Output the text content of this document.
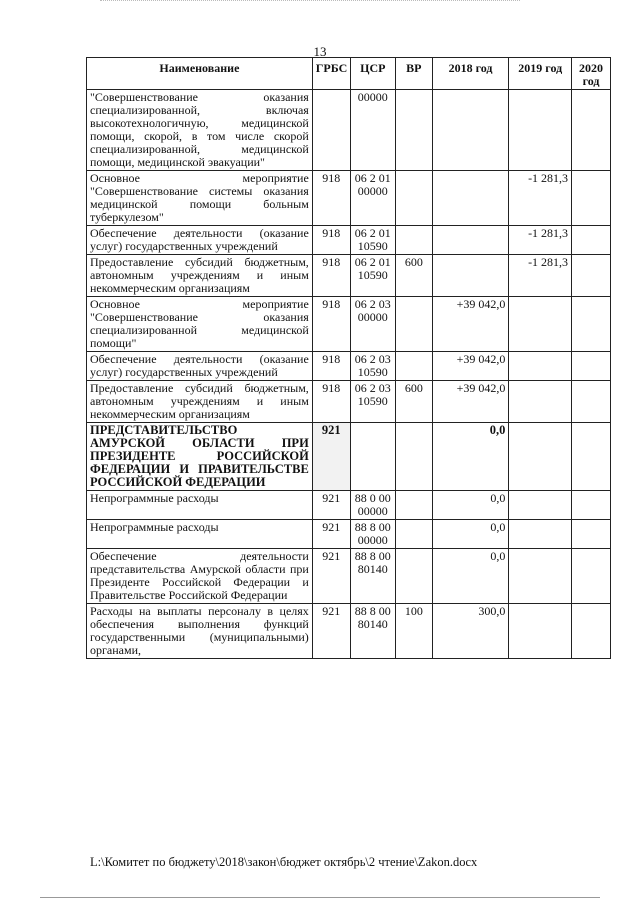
13
Наименование	ГРБС	ЦСР	ВР	2018 год	2019 год	2020 год
"Совершенствование оказания специализированной, включая высокотехнологичную, медицинской помощи, скорой, в том числе скорой специализированной, медицинской помощи, медицинской эвакуации"		00000				
Основное мероприятие "Совершенствование системы оказания медицинской помощи больным туберкулезом"	918	06 2 01 00000			-1 281,3	
Обеспечение деятельности (оказание услуг) государственных учреждений	918	06 2 01 10590			-1 281,3	
Предоставление субсидий бюджетным, автономным учреждениям и иным некоммерческим организациям	918	06 2 01 10590	600		-1 281,3	
Основное мероприятие "Совершенствование оказания специализированной медицинской помощи"	918	06 2 03 00000		+39 042,0		
Обеспечение деятельности (оказание услуг) государственных учреждений	918	06 2 03 10590		+39 042,0		
Предоставление субсидий бюджетным, автономным учреждениям и иным некоммерческим организациям	918	06 2 03 10590	600	+39 042,0		
ПРЕДСТАВИТЕЛЬСТВО АМУРСКОЙ ОБЛАСТИ ПРИ ПРЕЗИДЕНТЕ РОССИЙСКОЙ ФЕДЕРАЦИИ И ПРАВИТЕЛЬСТВЕ РОССИЙСКОЙ ФЕДЕРАЦИИ	921			0,0		
Непрограммные расходы	921	88 0 00 00000		0,0		
Непрограммные расходы	921	88 8 00 00000		0,0		
Обеспечение деятельности представительства Амурской области при Президенте Российской Федерации и Правительстве Российской Федерации	921	88 8 00 80140		0,0		
Расходы на выплаты персоналу в целях обеспечения выполнения функций государственными (муниципальными) органами,	921	88 8 00 80140	100	300,0		
L:\Комитет по бюджету\2018\закон\бюджет октябрь\2 чтение\Zakon.docx
